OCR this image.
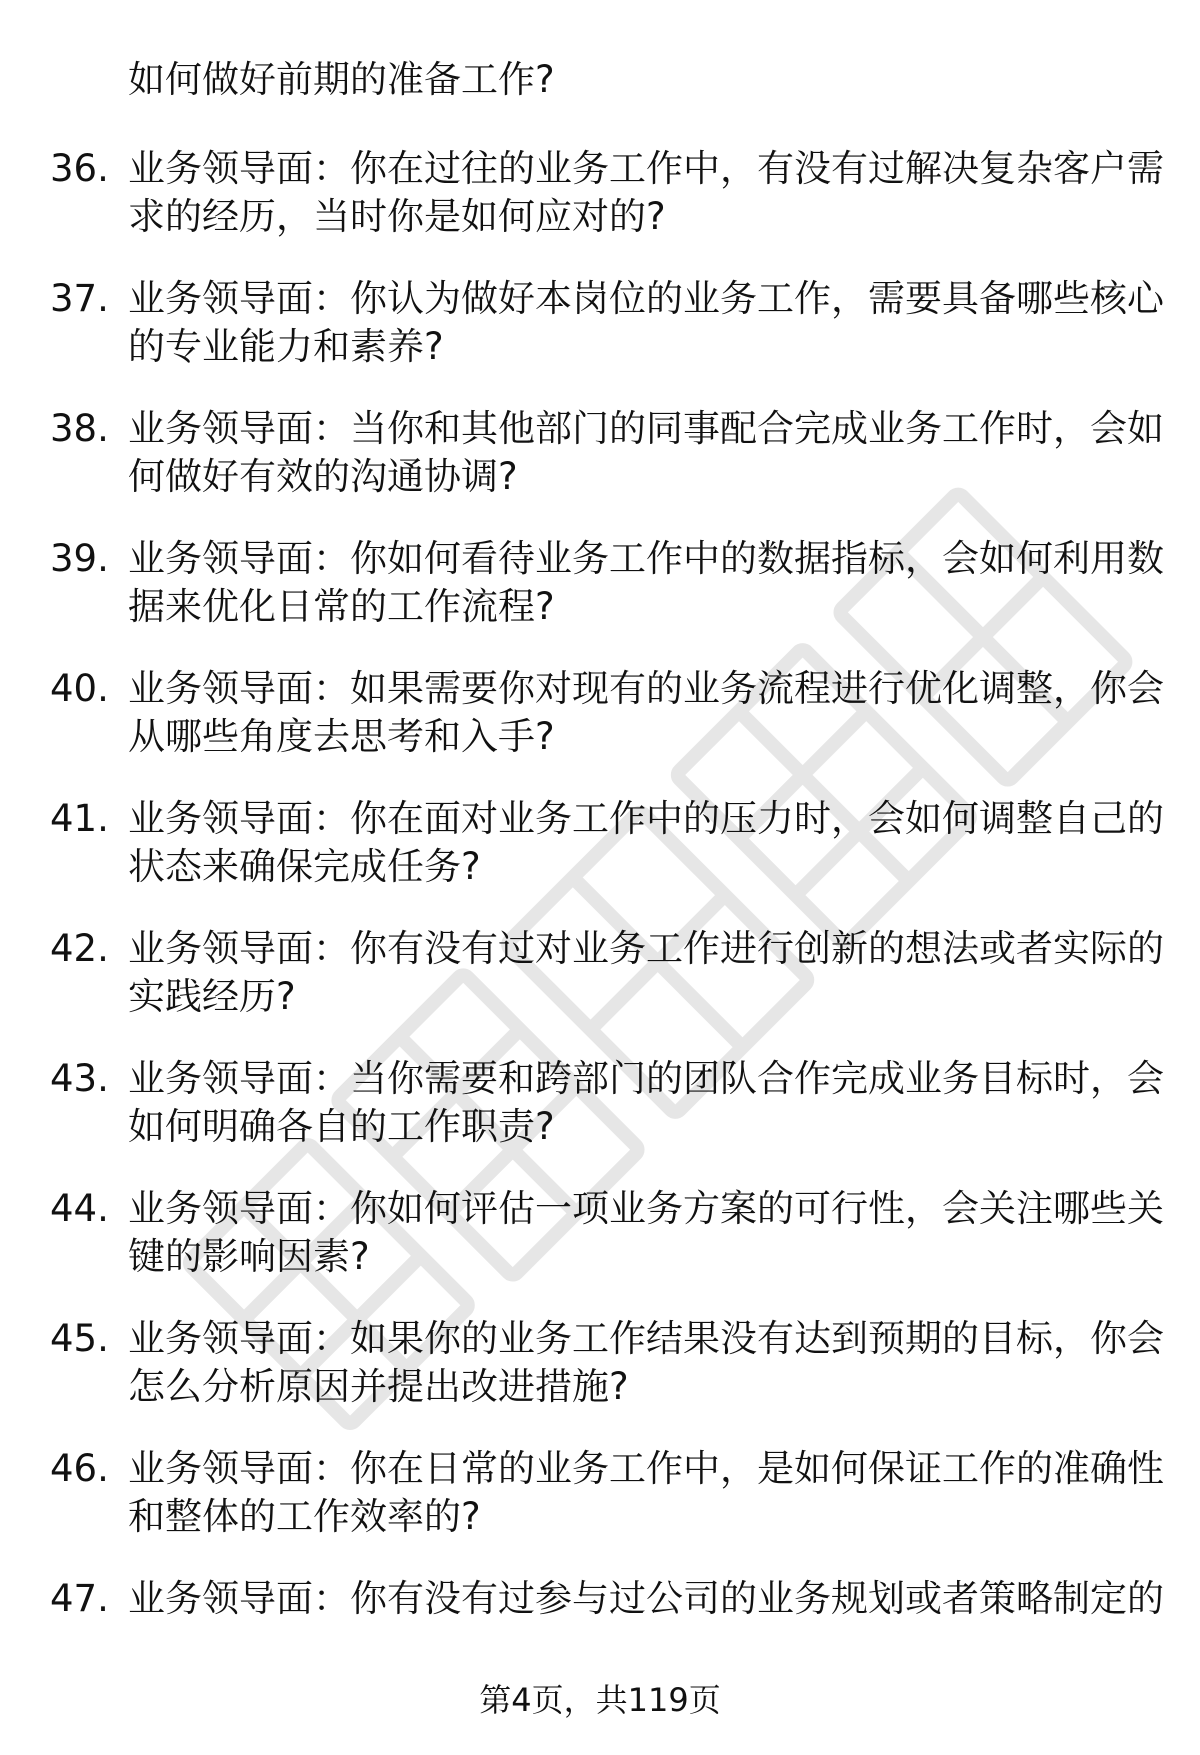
如何做好前期的准备工作?
36. 业务领导面：你在过往的业务工作中，有没有过解决复杂客户需
求的经历，当时你是如何应对的?
37. 业务领导面：你认为做好本岗位的业务工作，需要具备哪些核心
的专业能力和素养?
38. 业务领导面：当你和其他部门的同事配合完成业务工作时，会如
何做好有效的沟通协调?
39. 业务领导面：你如何看待业务工作中的数据指标，会如何利用数
据来优化日常的工作流程?
40. 业务领导面：如果需要你对现有的业务流程进行优化调整，你会
从哪些角度去思考和入手?
41. 业务领导面：你在面对业务工作中的压力时，会如何调整自己的
状态来确保完成任务?
42. 业务领导面：你有没有过对业务工作进行创新的想法或者实际的
实践经历?
43. 业务领导面：当你需要和跨部门的团队合作完成业务目标时，会
如何明确各自的工作职责?
44. 业务领导面：你如何评估一项业务方案的可行性，会关注哪些关
键的影响因素?
45. 业务领导面：如果你的业务工作结果没有达到预期的目标，你会
怎么分析原因并提出改进措施?
46. 业务领导面：你在日常的业务工作中，是如何保证工作的准确性
和整体的工作效率的?
47. 业务领导面：你有没有过参与过公司的业务规划或者策略制定的
第4页，共119页
